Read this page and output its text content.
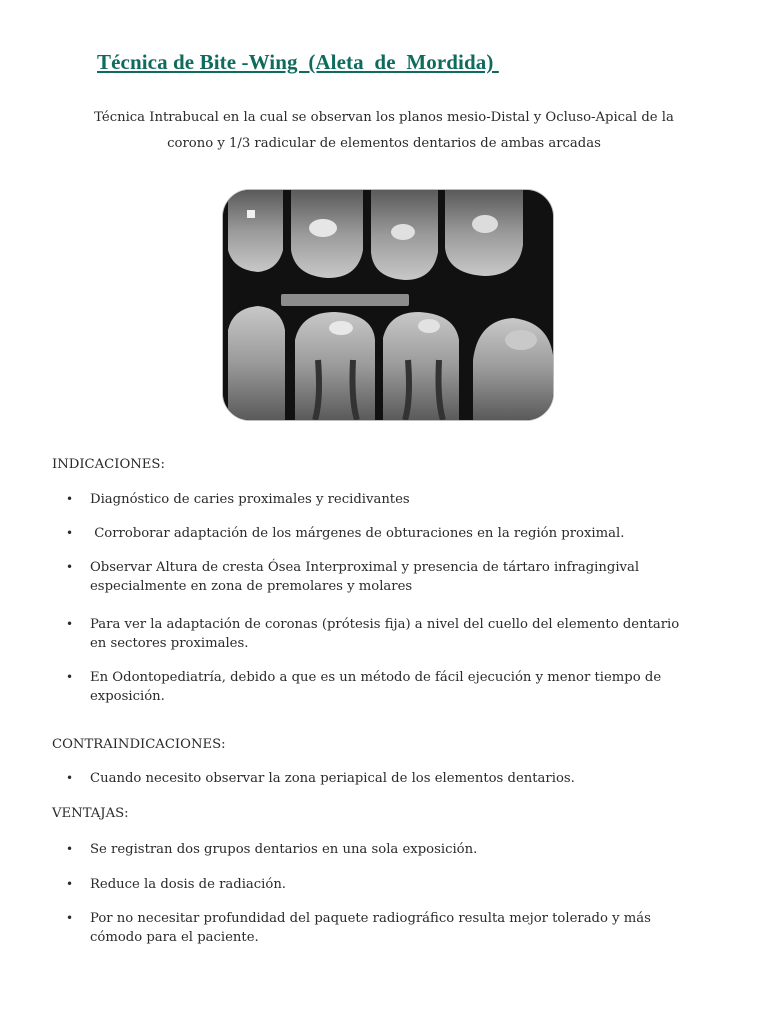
Técnica de Bite -Wing  (Aleta  de  Mordida)
Técnica Intrabucal en la cual se observan los planos mesio-Distal y Ocluso-Apical de la
corono y 1/3 radicular de elementos dentarios de ambas arcadas
INDICACIONES:
• Diagnóstico de caries proximales y recidivantes
• Corroborar adaptación de los márgenes de obturaciones en la región proximal.
• Observar Altura de cresta Ósea Interproximal y presencia de tártaro infragingival especialmente en zona de premolares y molares
• Para ver la adaptación de coronas (prótesis fija) a nivel del cuello del elemento dentario en sectores proximales.
• En Odontopediatría, debido a que es un método de fácil ejecución y menor tiempo de exposición.
CONTRAINDICACIONES:
• Cuando necesito observar la zona periapical de los elementos dentarios.
VENTAJAS:
• Se registran dos grupos dentarios en una sola exposición.
• Reduce la dosis de radiación.
• Por no necesitar profundidad del paquete radiográfico resulta mejor tolerado y más cómodo para el paciente.
